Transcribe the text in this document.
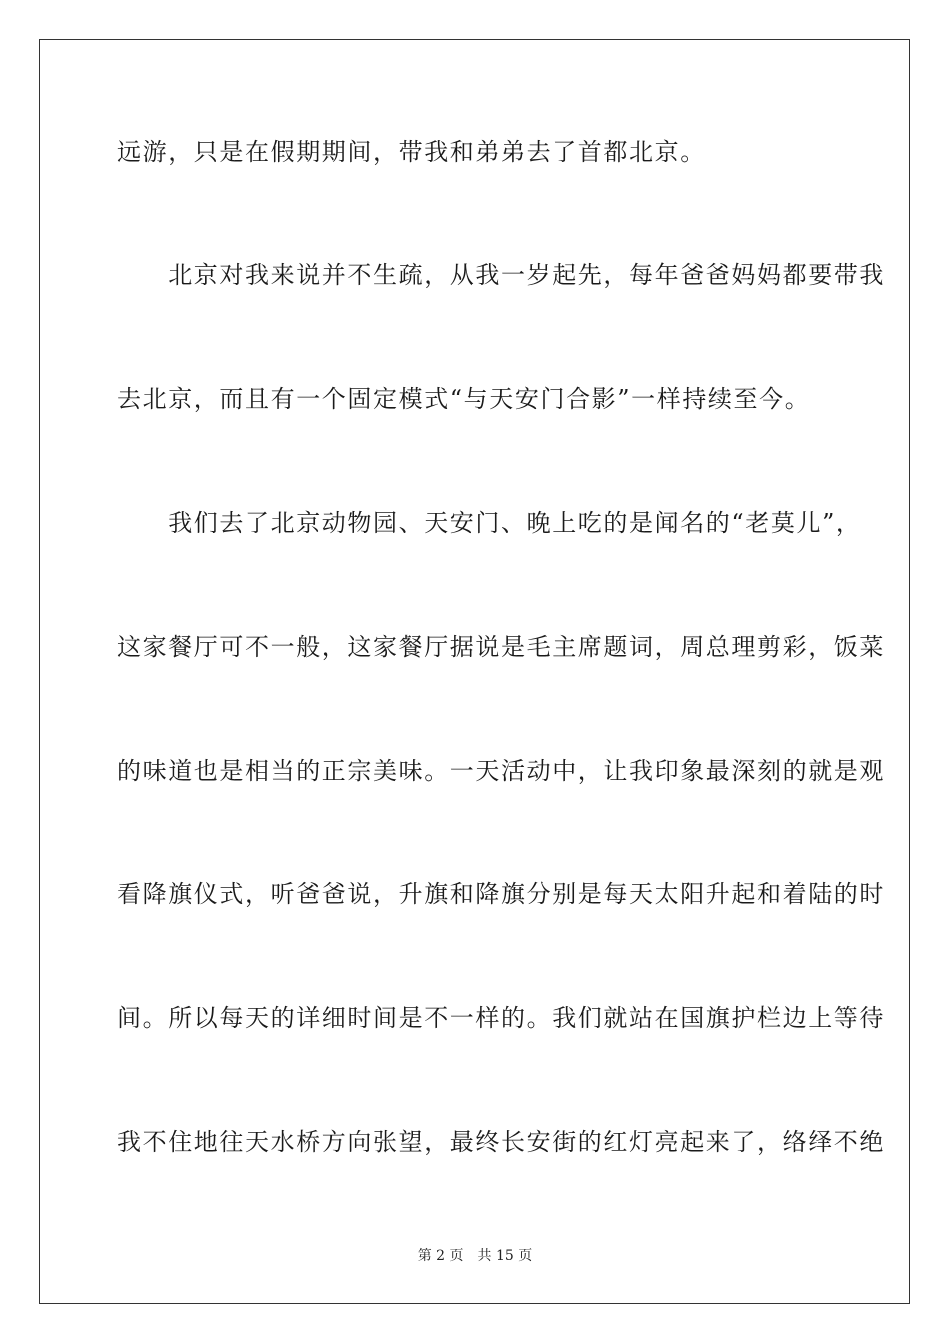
远游，只是在假期期间，带我和弟弟去了首都北京。
　　北京对我来说并不生疏，从我一岁起先，每年爸爸妈妈都要带我
去北京，而且有一个固定模式“与天安门合影”一样持续至今。
　　我们去了北京动物园、天安门、晚上吃的是闻名的“老莫儿”，
这家餐厅可不一般，这家餐厅据说是毛主席题词，周总理剪彩，饭菜
的味道也是相当的正宗美味。一天活动中，让我印象最深刻的就是观
看降旗仪式，听爸爸说，升旗和降旗分别是每天太阳升起和着陆的时
间。所以每天的详细时间是不一样的。我们就站在国旗护栏边上等待
我不住地往天水桥方向张望，最终长安街的红灯亮起来了，络绎不绝
第 2 页 共 15 页
